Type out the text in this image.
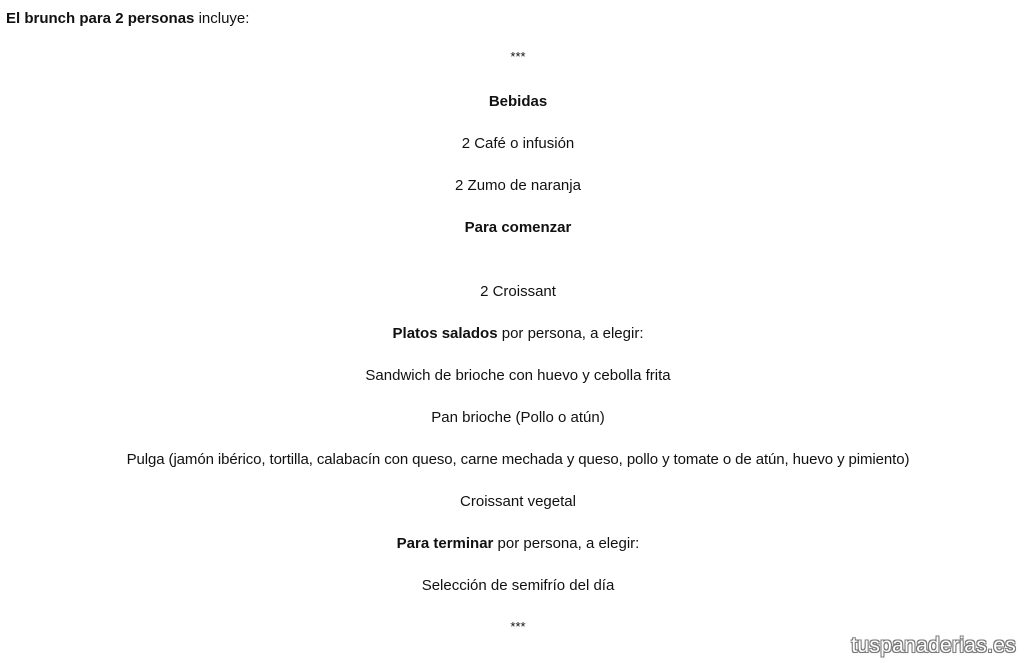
El brunch para 2 personas incluye:
***
Bebidas
2 Café o infusión
2 Zumo de naranja
Para comenzar
2 Croissant
Platos salados por persona, a elegir:
Sandwich de brioche con huevo y cebolla frita
Pan brioche (Pollo o atún)
Pulga (jamón ibérico, tortilla, calabacín con queso, carne mechada y queso, pollo y tomate o de atún, huevo y pimiento)
Croissant vegetal
Para terminar por persona, a elegir:
Selección de semifrío del día
***
tuspanaderias.es
